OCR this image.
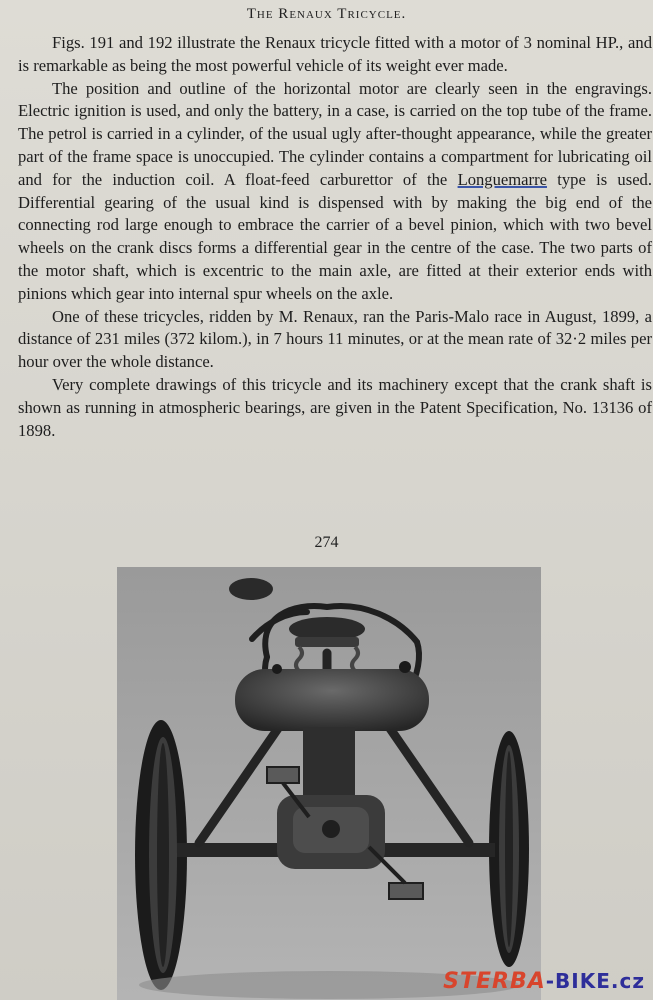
The Renaux Tricycle.

Figs. 191 and 192 illustrate the Renaux tricycle fitted with a motor of 3 nominal HP., and is remarkable as being the most powerful vehicle of its weight ever made.

The position and outline of the horizontal motor are clearly seen in the engravings. Electric ignition is used, and only the battery, in a case, is carried on the top tube of the frame. The petrol is carried in a cylinder, of the usual ugly after-thought appearance, while the greater part of the frame space is unoccupied. The cylinder contains a compartment for lubricating oil and for the induction coil. A float-feed carburettor of the Longuemarre type is used. Differential gearing of the usual kind is dispensed with by making the big end of the connecting rod large enough to embrace the carrier of a bevel pinion, which with two bevel wheels on the crank discs forms a differential gear in the centre of the case. The two parts of the motor shaft, which is excentric to the main axle, are fitted at their exterior ends with pinions which gear into internal spur wheels on the axle.

One of these tricycles, ridden by M. Renaux, ran the Paris-Malo race in August, 1899, a distance of 231 miles (372 kilom.), in 7 hours 11 minutes, or at the mean rate of 32·2 miles per hour over the whole distance.

Very complete drawings of this tricycle and its machinery except that the crank shaft is shown as running in atmospheric bearings, are given in the Patent Specification, No. 13136 of 1898.

274
STERBA-BIKE.cz
